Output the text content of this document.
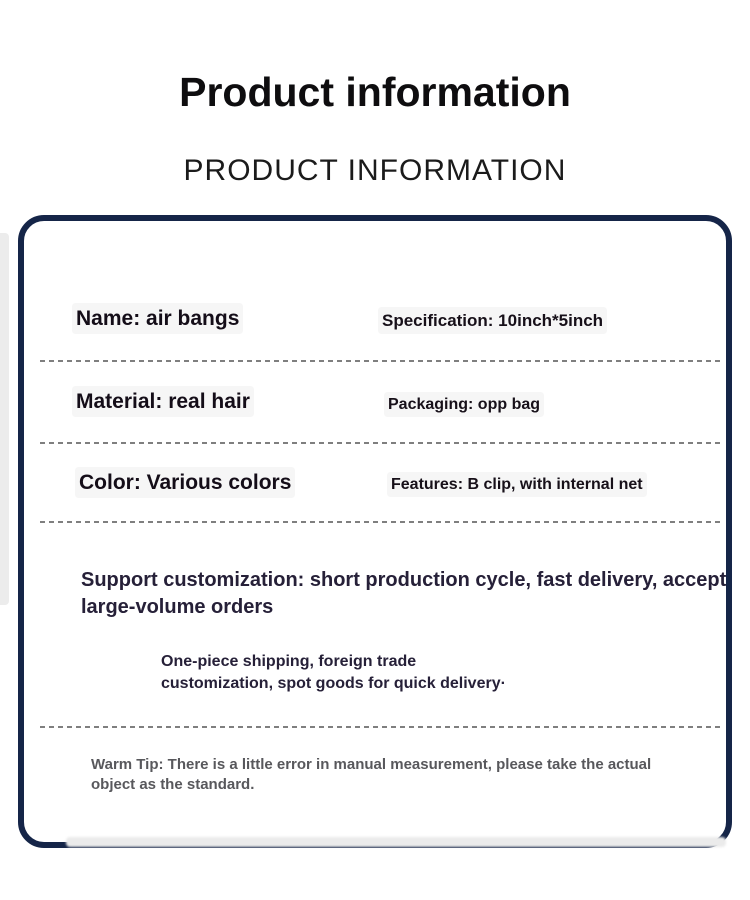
Product information
PRODUCT INFORMATION
Name: air bangs	Specification: 10inch*5inch
Material: real hair	Packaging: opp bag
Color: Various colors	Features: B clip, with internal net
Support customization: short production cycle, fast delivery, accept large-volume orders
One-piece shipping, foreign trade customization, spot goods for quick delivery·
Warm Tip: There is a little error in manual measurement, please take the actual object as the standard.
